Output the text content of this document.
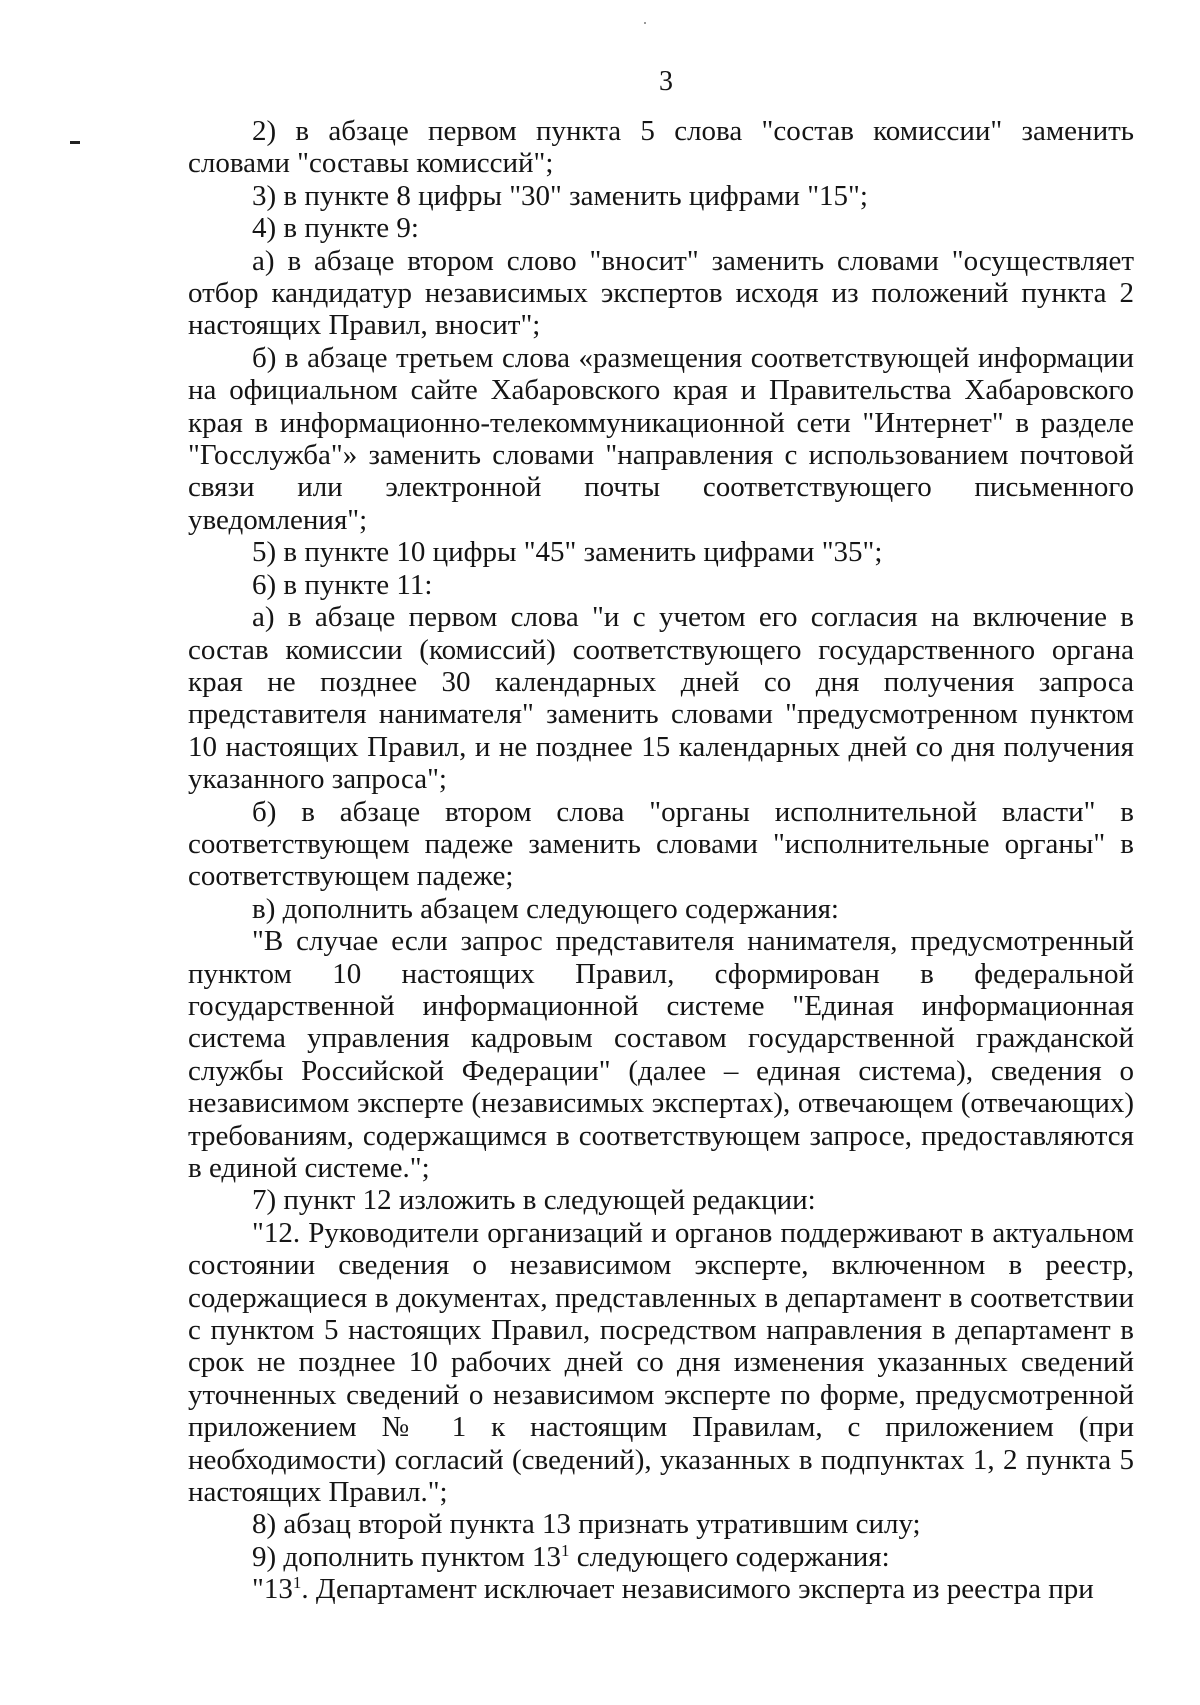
3

2) в абзаце первом пункта 5 слова "состав комиссии" заменить словами "составы комиссий";

3) в пункте 8 цифры "30" заменить цифрами "15";

4) в пункте 9:

а) в абзаце втором слово "вносит" заменить словами "осуществляет отбор кандидатур независимых экспертов исходя из положений пункта 2 настоящих Правил, вносит";

б) в абзаце третьем слова «размещения соответствующей информации на официальном сайте Хабаровского края и Правительства Хабаровского края в информационно-телекоммуникационной сети "Интернет" в разделе "Госслужба"» заменить словами "направления с использованием почтовой связи или электронной почты соответствующего письменного уведомления";

5) в пункте 10 цифры "45" заменить цифрами "35";

6) в пункте 11:

а) в абзаце первом слова "и с учетом его согласия на включение в состав комиссии (комиссий) соответствующего государственного органа края не позднее 30 календарных дней со дня получения запроса представителя нанимателя" заменить словами "предусмотренном пунктом 10 настоящих Правил, и не позднее 15 календарных дней со дня получения указанного запроса";

б) в абзаце втором слова "органы исполнительной власти" в соответствующем падеже заменить словами "исполнительные органы" в соответствующем падеже;

в) дополнить абзацем следующего содержания:

"В случае если запрос представителя нанимателя, предусмотренный пунктом 10 настоящих Правил, сформирован в федеральной государственной информационной системе "Единая информационная система управления кадровым составом государственной гражданской службы Российской Федерации" (далее – единая система), сведения о независимом эксперте (независимых экспертах), отвечающем (отвечающих) требованиям, содержащимся в соответствующем запросе, предоставляются в единой системе.";

7) пункт 12 изложить в следующей редакции:

"12. Руководители организаций и органов поддерживают в актуальном состоянии сведения о независимом эксперте, включенном в реестр, содержащиеся в документах, представленных в департамент в соответствии с пунктом 5 настоящих Правил, посредством направления в департамент в срок не позднее 10 рабочих дней со дня изменения указанных сведений уточненных сведений о независимом эксперте по форме, предусмотренной приложением № 1 к настоящим Правилам, с приложением (при необходимости) согласий (сведений), указанных в подпунктах 1, 2 пункта 5 настоящих Правил.";

8) абзац второй пункта 13 признать утратившим силу;

9) дополнить пунктом $13^1$ следующего содержания:

"$13^1$. Департамент исключает независимого эксперта из реестра при
